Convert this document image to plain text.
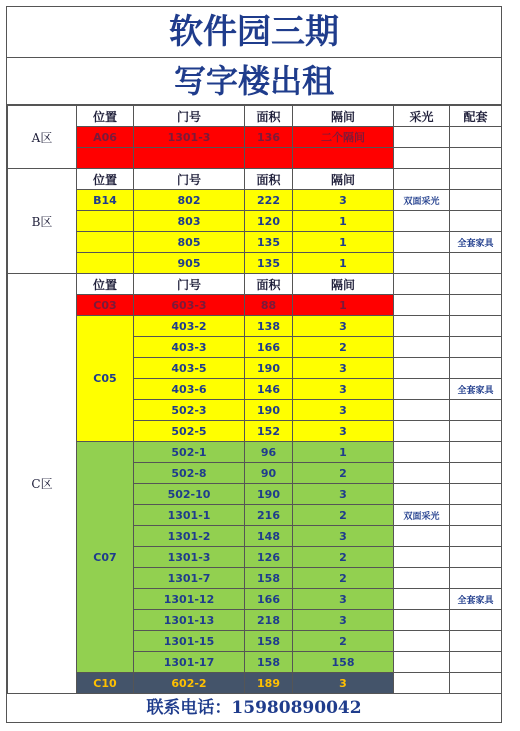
软件园三期
写字楼出租
A区	位置	门号	面积	隔间	采光	配套
	A06	1301-3	136	二个隔间		

B区	位置	门号	面积	隔间		
	B14	802	222	3	双面采光	
		803	120	1		
		805	135	1		全套家具
		905	135	1		
C区	位置	门号	面积	隔间		
	C03	603-3	88	1		
	C05	403-2	138	3		
		403-3	166	2		
		403-5	190	3		
		403-6	146	3		全套家具
		502-3	190	3		
		502-5	152	3		
	C07	502-1	96	1		
		502-8	90	2		
		502-10	190	3		
		1301-1	216	2	双面采光	
		1301-2	148	3		
		1301-3	126	2		
		1301-7	158	2		
		1301-12	166	3		全套家具
		1301-13	218	3		
		1301-15	158	2		
		1301-17	158	158		
	C10	602-2	189	3		
联系电话：15980890042
